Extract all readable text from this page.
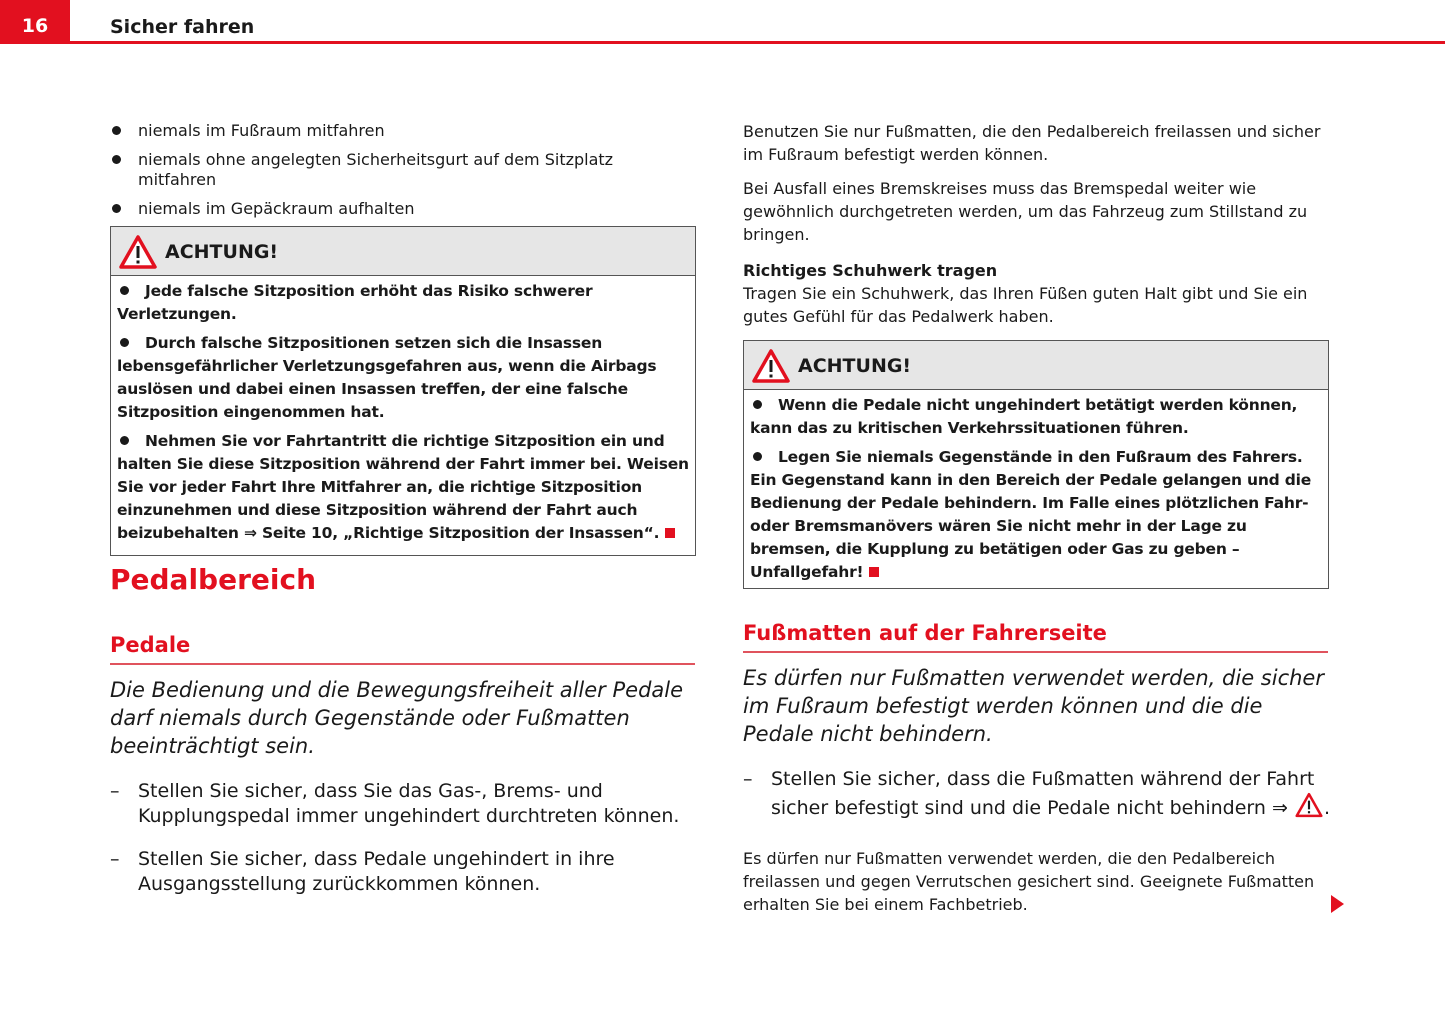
16	Sicher fahren
niemals im Fußraum mitfahren
niemals ohne angelegten Sicherheitsgurt auf dem Sitzplatz mitfahren
niemals im Gepäckraum aufhalten
ACHTUNG!
Jede falsche Sitzposition erhöht das Risiko schwerer Verletzungen.
Durch falsche Sitzpositionen setzen sich die Insassen lebensgefährlicher Verletzungsgefahren aus, wenn die Airbags auslösen und dabei einen Insassen treffen, der eine falsche Sitzposition eingenommen hat.
Nehmen Sie vor Fahrtantritt die richtige Sitzposition ein und halten Sie diese Sitzposition während der Fahrt immer bei. Weisen Sie vor jeder Fahrt Ihre Mitfahrer an, die richtige Sitzposition einzunehmen und diese Sitzposition während der Fahrt auch beizubehalten ⇒ Seite 10, „Richtige Sitzposition der Insassen“.
Pedalbereich
Pedale
Die Bedienung und die Bewegungsfreiheit aller Pedale darf niemals durch Gegenstände oder Fußmatten beeinträchtigt sein.
– Stellen Sie sicher, dass Sie das Gas-, Brems- und Kupplungspedal immer ungehindert durchtreten können.
– Stellen Sie sicher, dass Pedale ungehindert in ihre Ausgangsstellung zurückkommen können.

Benutzen Sie nur Fußmatten, die den Pedalbereich freilassen und sicher im Fußraum befestigt werden können.

Bei Ausfall eines Bremskreises muss das Bremspedal weiter wie gewöhnlich durchgetreten werden, um das Fahrzeug zum Stillstand zu bringen.

Richtiges Schuhwerk tragen

Tragen Sie ein Schuhwerk, das Ihren Füßen guten Halt gibt und Sie ein gutes Gefühl für das Pedalwerk haben.

ACHTUNG!
Wenn die Pedale nicht ungehindert betätigt werden können, kann das zu kritischen Verkehrssituationen führen.
Legen Sie niemals Gegenstände in den Fußraum des Fahrers. Ein Gegenstand kann in den Bereich der Pedale gelangen und die Bedienung der Pedale behindern. Im Falle eines plötzlichen Fahr- oder Bremsmanövers wären Sie nicht mehr in der Lage zu bremsen, die Kupplung zu betätigen oder Gas zu geben – Unfallgefahr!
Fußmatten auf der Fahrerseite
Es dürfen nur Fußmatten verwendet werden, die sicher im Fußraum befestigt werden können und die die Pedale nicht behindern.
– Stellen Sie sicher, dass die Fußmatten während der Fahrt sicher befestigt sind und die Pedale nicht behindern ⇒ .

Es dürfen nur Fußmatten verwendet werden, die den Pedalbereich freilassen und gegen Verrutschen gesichert sind. Geeignete Fußmatten erhalten Sie bei einem Fachbetrieb.
